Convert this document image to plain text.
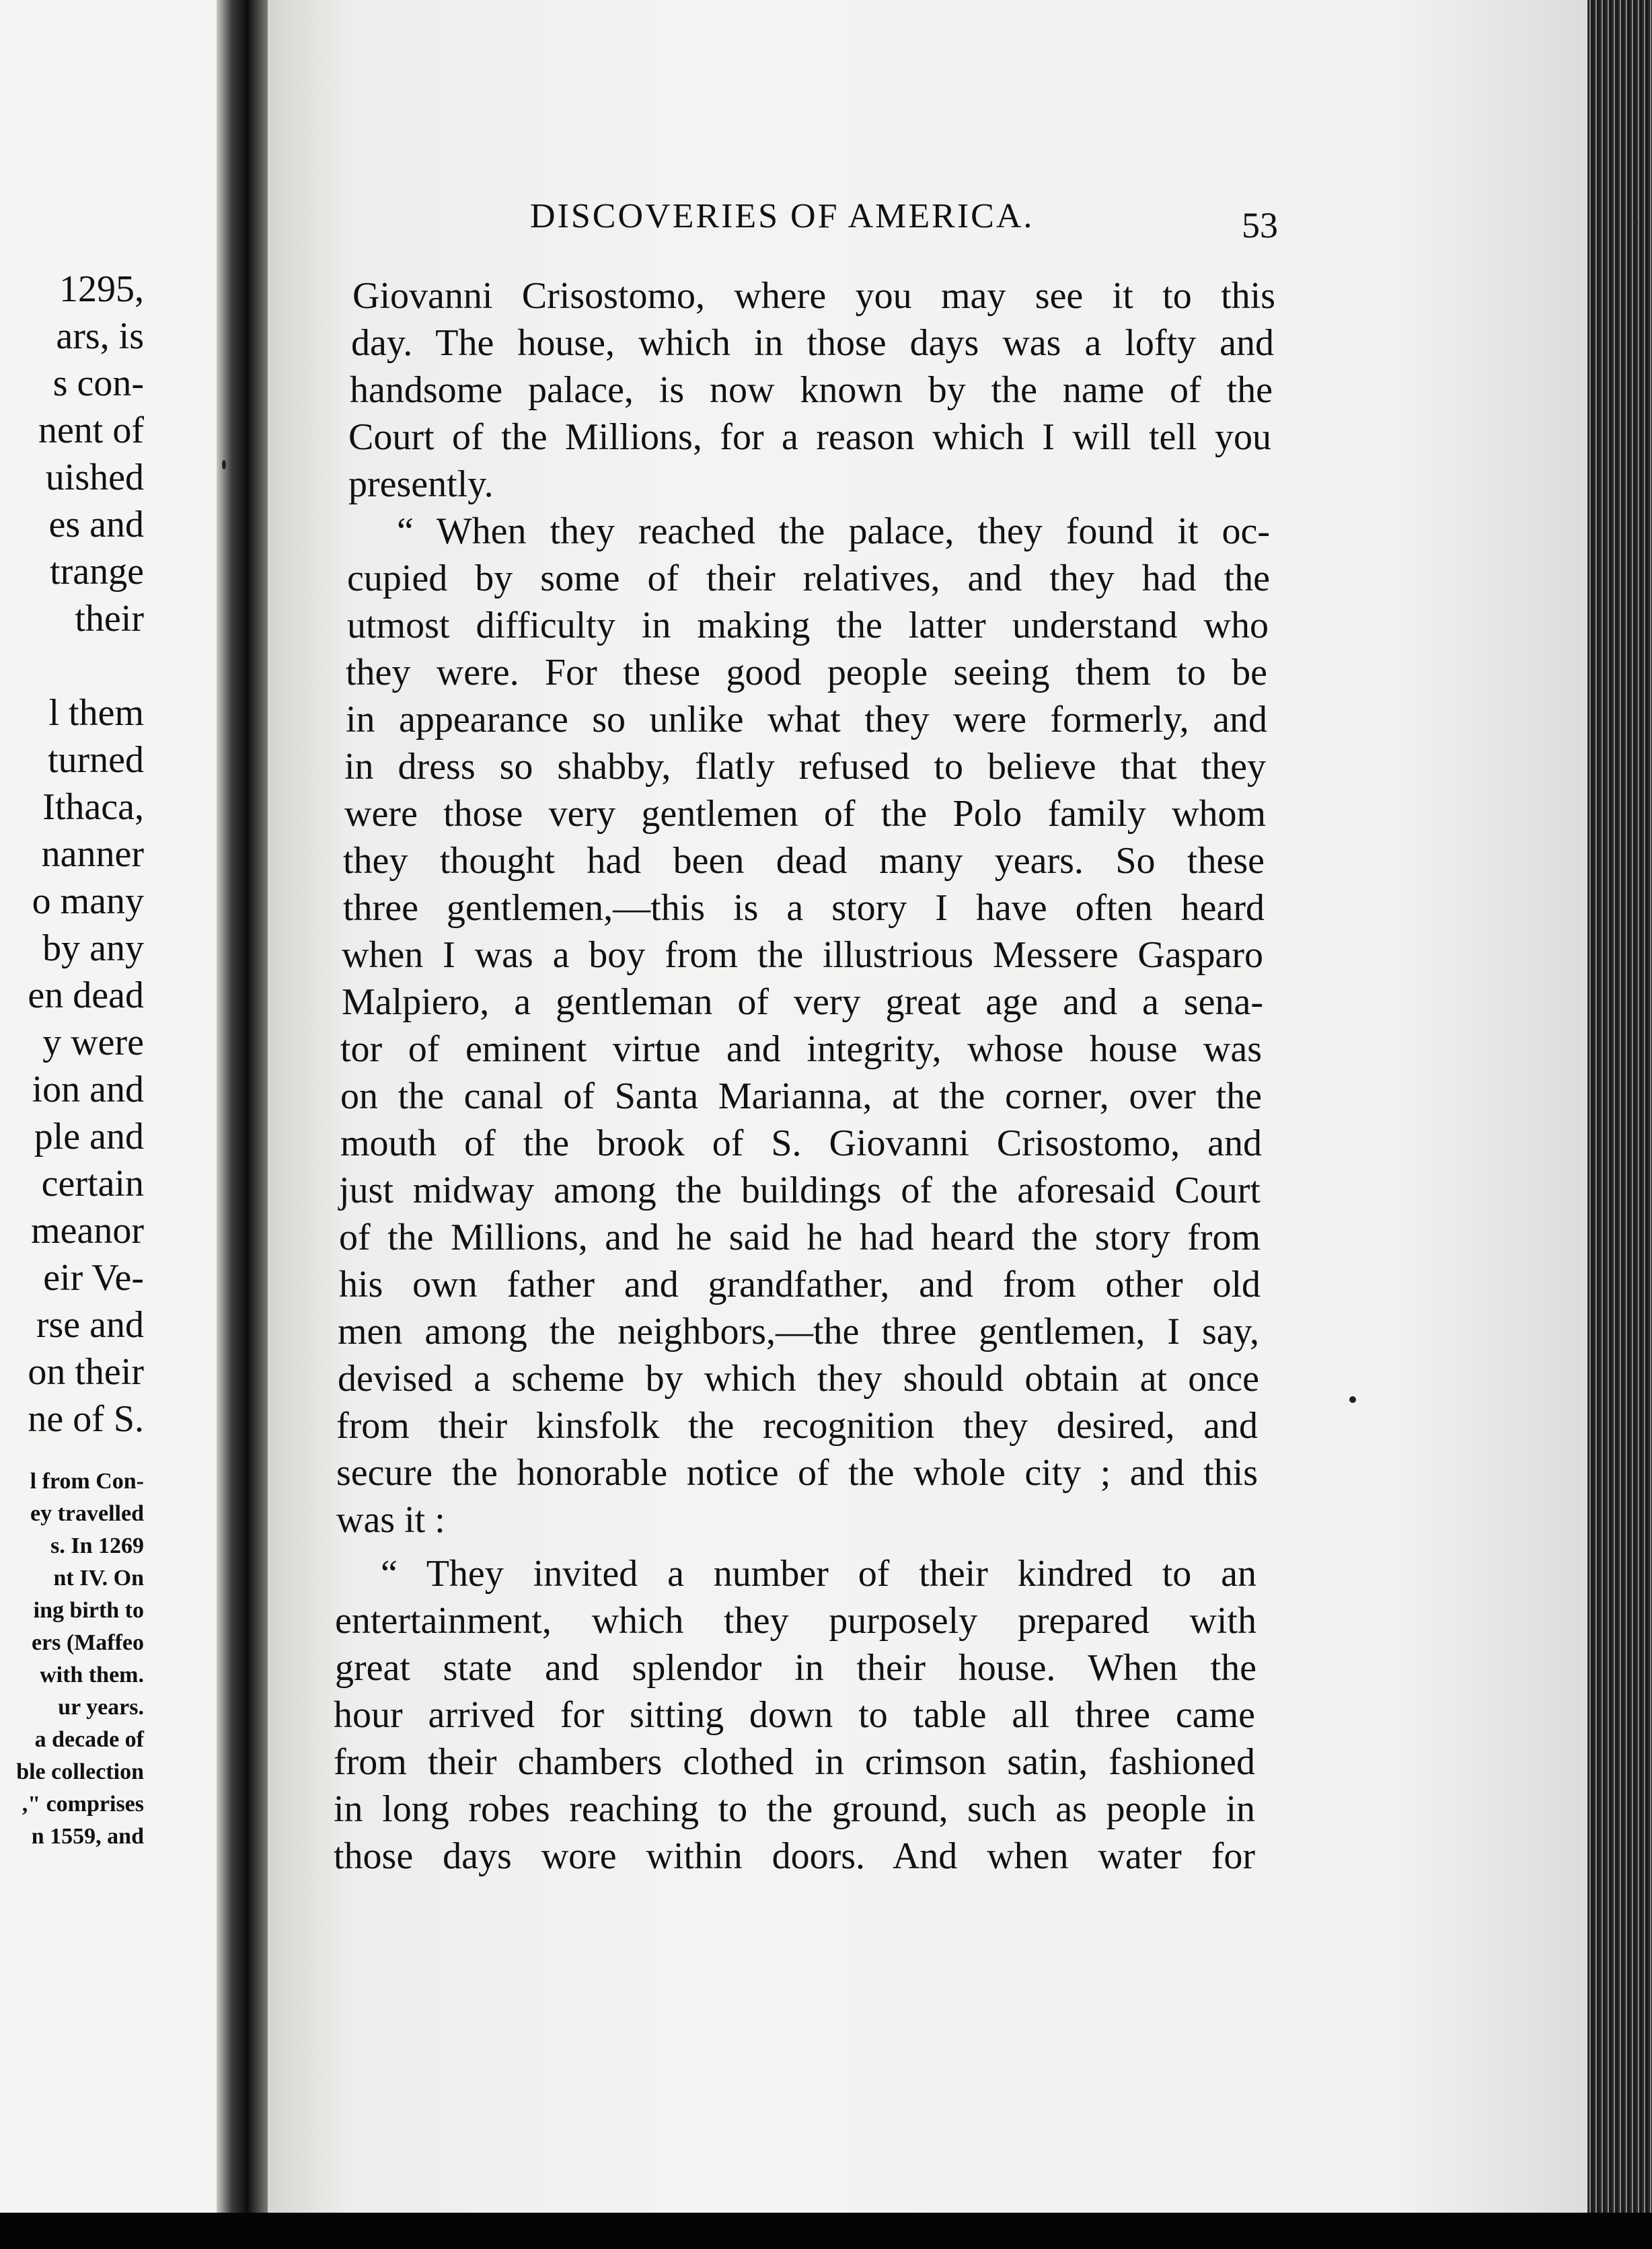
1295,
ars, is
s con-
nent of
uished
es and
trange
their
l them
turned
Ithaca,
nanner
o many
by any
en dead
y were
ion and
ple and
certain
meanor
eir Ve-
rse and
on their
ne of S.
l from Con-
ey travelled
s. In 1269
nt IV. On
ing birth to
ers (Maffeo
with them.
ur years.
a decade of
ble collection
," comprises
n 1559, and
DISCOVERIES OF AMERICA.	53
Giovanni Crisostomo, where you may see it to this
day. The house, which in those days was a lofty and
handsome palace, is now known by the name of the
Court of the Millions, for a reason which I will tell you
presently.
“ When they reached the palace, they found it oc-
cupied by some of their relatives, and they had the
utmost difficulty in making the latter understand who
they were. For these good people seeing them to be
in appearance so unlike what they were formerly, and
in dress so shabby, flatly refused to believe that they
were those very gentlemen of the Polo family whom
they thought had been dead many years. So these
three gentlemen,—this is a story I have often heard
when I was a boy from the illustrious Messere Gasparo
Malpiero, a gentleman of very great age and a sena-
tor of eminent virtue and integrity, whose house was
on the canal of Santa Marianna, at the corner, over the
mouth of the brook of S. Giovanni Crisostomo, and
just midway among the buildings of the aforesaid Court
of the Millions, and he said he had heard the story from
his own father and grandfather, and from other old
men among the neighbors,—the three gentlemen, I say,
devised a scheme by which they should obtain at once
from their kinsfolk the recognition they desired, and
secure the honorable notice of the whole city ; and this
was it :
“ They invited a number of their kindred to an
entertainment, which they purposely prepared with
great state and splendor in their house. When the
hour arrived for sitting down to table all three came
from their chambers clothed in crimson satin, fashioned
in long robes reaching to the ground, such as people in
those days wore within doors. And when water for
